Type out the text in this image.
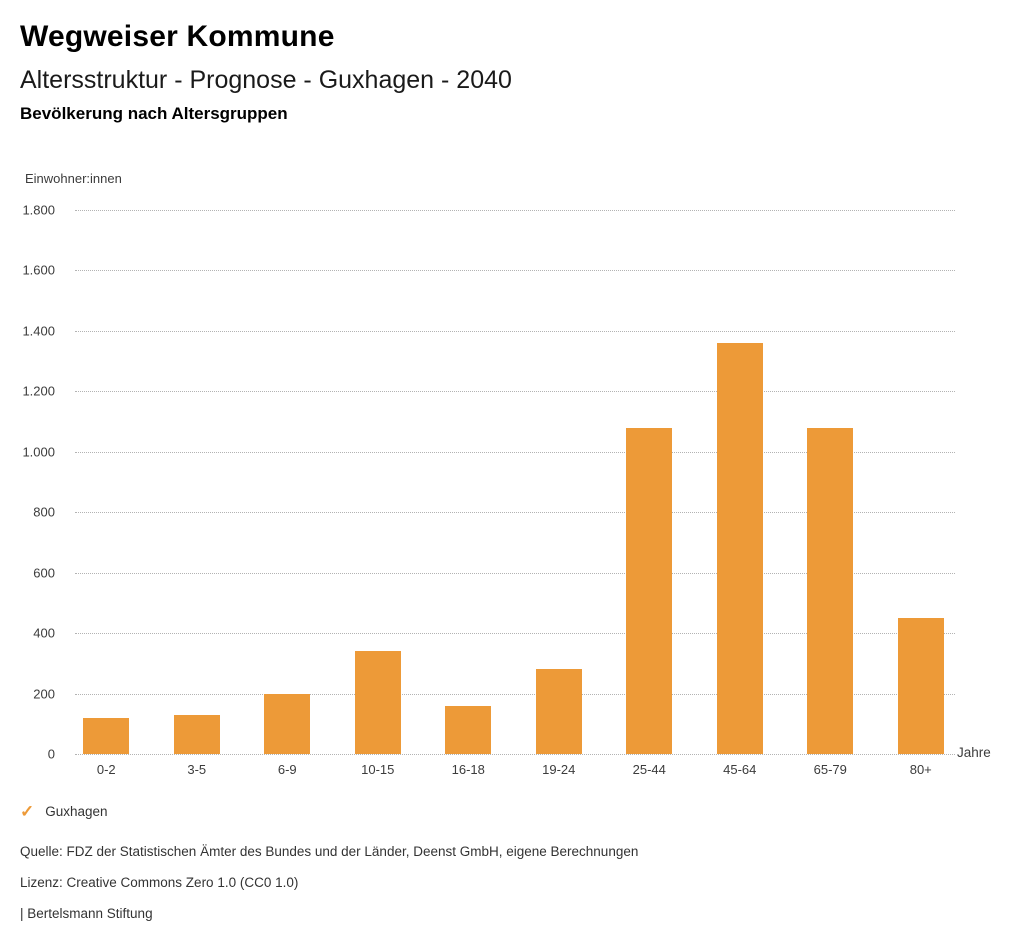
Wegweiser Kommune
Altersstruktur - Prognose - Guxhagen - 2040
Bevölkerung nach Altersgruppen
Einwohner:innen
0
200
400
600
800
1.000
1.200
1.400
1.600
1.800
0-2	3-5	6-9	10-15	16-18	19-24	25-44	45-64	65-79	80+
Jahre
✓ Guxhagen
Quelle: FDZ der Statistischen Ämter des Bundes und der Länder, Deenst GmbH, eigene Berechnungen
Lizenz: Creative Commons Zero 1.0 (CC0 1.0)
| Bertelsmann Stiftung
